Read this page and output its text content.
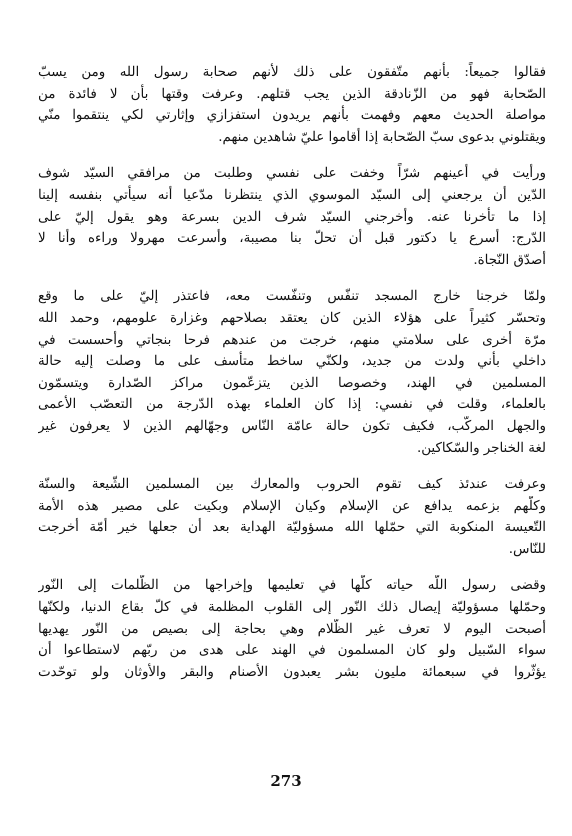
فقالوا جميعاً: بأنهم متّفقون على ذلك لأنهم صحابة رسول الله ومن يسبّ
الصّحابة فهو من الزّنادقة الذين يجب قتلهم. وعرفت وقتها بأن لا فائدة من
مواصلة الحديث معهم وفهمت بأنهم يريدون استفزازي وإثارتي لكي ينتقموا منّي
ويقتلوني بدعوى سبّ الصّحابة إذا أقاموا عليّ شاهدين منهم.
ورأيت في أعينهم شرّاً وخفت على نفسي وطلبت من مرافقي السيّد شوف
الدّين أن يرجعني إلى السيّد الموسوي الذي ينتظرنا مدّعيا أنه سيأتي بنفسه إلينا
إذا ما تأخرنا عنه. وأخرجني السيّد شرف الدين بسرعة وهو يقول إليّ على
الدّرج: أسرع يا دكتور قبل أن تحلّ بنا مصيبة، وأسرعت مهرولا وراءه وأنا لا
أصدّق النّجاة.
ولمّا خرجنا خارج المسجد تنفّس وتنفّست معه، فاعتذر إليّ على ما وقع
وتحسّر كثيراً على هؤلاء الذين كان يعتقد بصلاحهم وغزارة علومهم، وحمد الله
مرّة أخرى على سلامتي منهم، خرجت من عندهم فرحا بنجاتي وأحسست في
داخلي بأني ولدت من جديد، ولكنّي ساخط متأسف على ما وصلت إليه حالة
المسلمين في الهند، وخصوصا الذين يتزعّمون مراكز الصّدارة ويتسمّون
بالعلماء، وقلت في نفسي: إذا كان العلماء بهذه الدّرجة من التعصّب الأعمى
والجهل المركّب، فكيف تكون حالة عامّة النّاس وجهّالهم الذين لا يعرفون غير
لغة الخناجر والسّكاكين.
وعرفت عندئذ كيف تقوم الحروب والمعارك بين المسلمين الشّيعة والسنّة
وكلّهم بزعمه يدافع عن الإسلام وكيان الإسلام وبكيت على مصير هذه الأمة
التّعيسة المنكوبة التي حمّلها الله مسؤوليّة الهداية بعد أن جعلها خير أمّة أخرجت
للنّاس.
وقضى رسول اللّه حياته كلّها في تعليمها وإخراجها من الظّلمات إلى النّور
وحمّلها مسؤوليّة إيصال ذلك النّور إلى القلوب المظلمة في كلّ بقاع الدنيا، ولكنّها
أصبحت اليوم لا تعرف غير الظّلام وهي بحاجة إلى بصيص من النّور يهديها
سواء السّبيل ولو كان المسلمون في الهند على هدى من ربّهم لاستطاعوا أن
يؤثّروا في سبعمائة مليون بشر يعبدون الأصنام والبقر والأوثان ولو توحّدت
273
